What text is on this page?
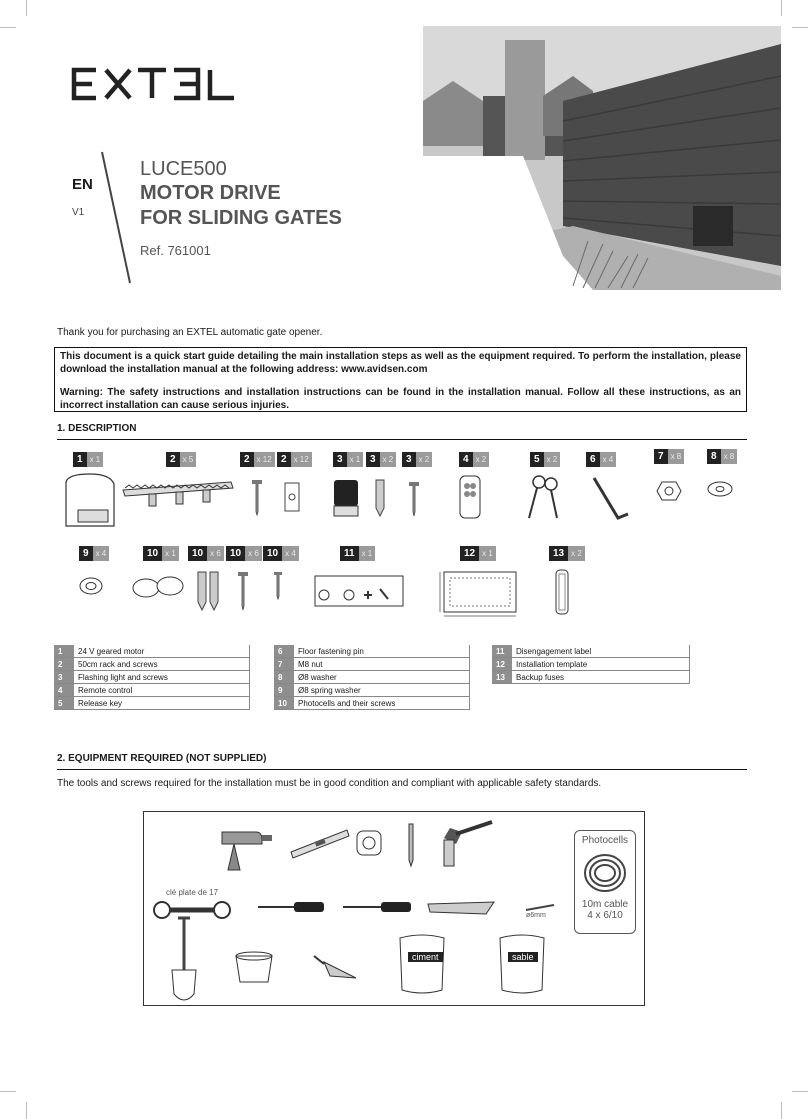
EN
V1
LUCE500
MOTOR DRIVE
FOR SLIDING GATES
Ref. 761001
Thank you for purchasing an EXTEL automatic gate opener.

This document is a quick start guide detailing the main installation steps as well as the equipment required. To perform the installation, please download the installation manual at the following address: www.avidsen.com

Warning: The safety instructions and installation instructions can be found in the installation manual. Follow all these instructions, as an incorrect installation can cause serious injuries.

1. DESCRIPTION
1 x 1	2 x 5	2 x 12 2 x 12	3 x 1 3 x 2	3 x 2	4 x 2	5 x 2	6 x 4	7 x 8	8 x 8
9 x 4	10 x 1	10 x 6 10 x 6 10 x 4	11 x 1	12 x 1	13 x 2
1	24 V geared motor
2	50cm rack and screws
3	Flashing light and screws
4	Remote control
5	Release key
6	Floor fastening pin
7	M8 nut
8	Ø8 washer
9	Ø8 spring washer
10	Photocells and their screws
11	Disengagement label
12	Installation template
13	Backup fuses
2. EQUIPMENT REQUIRED (NOT SUPPLIED)
The tools and screws required for the installation must be in good condition and compliant with applicable safety standards.
Photocells
10m cable
4 x 6/10
clé plate de 17
ø6mm
ciment	sable
